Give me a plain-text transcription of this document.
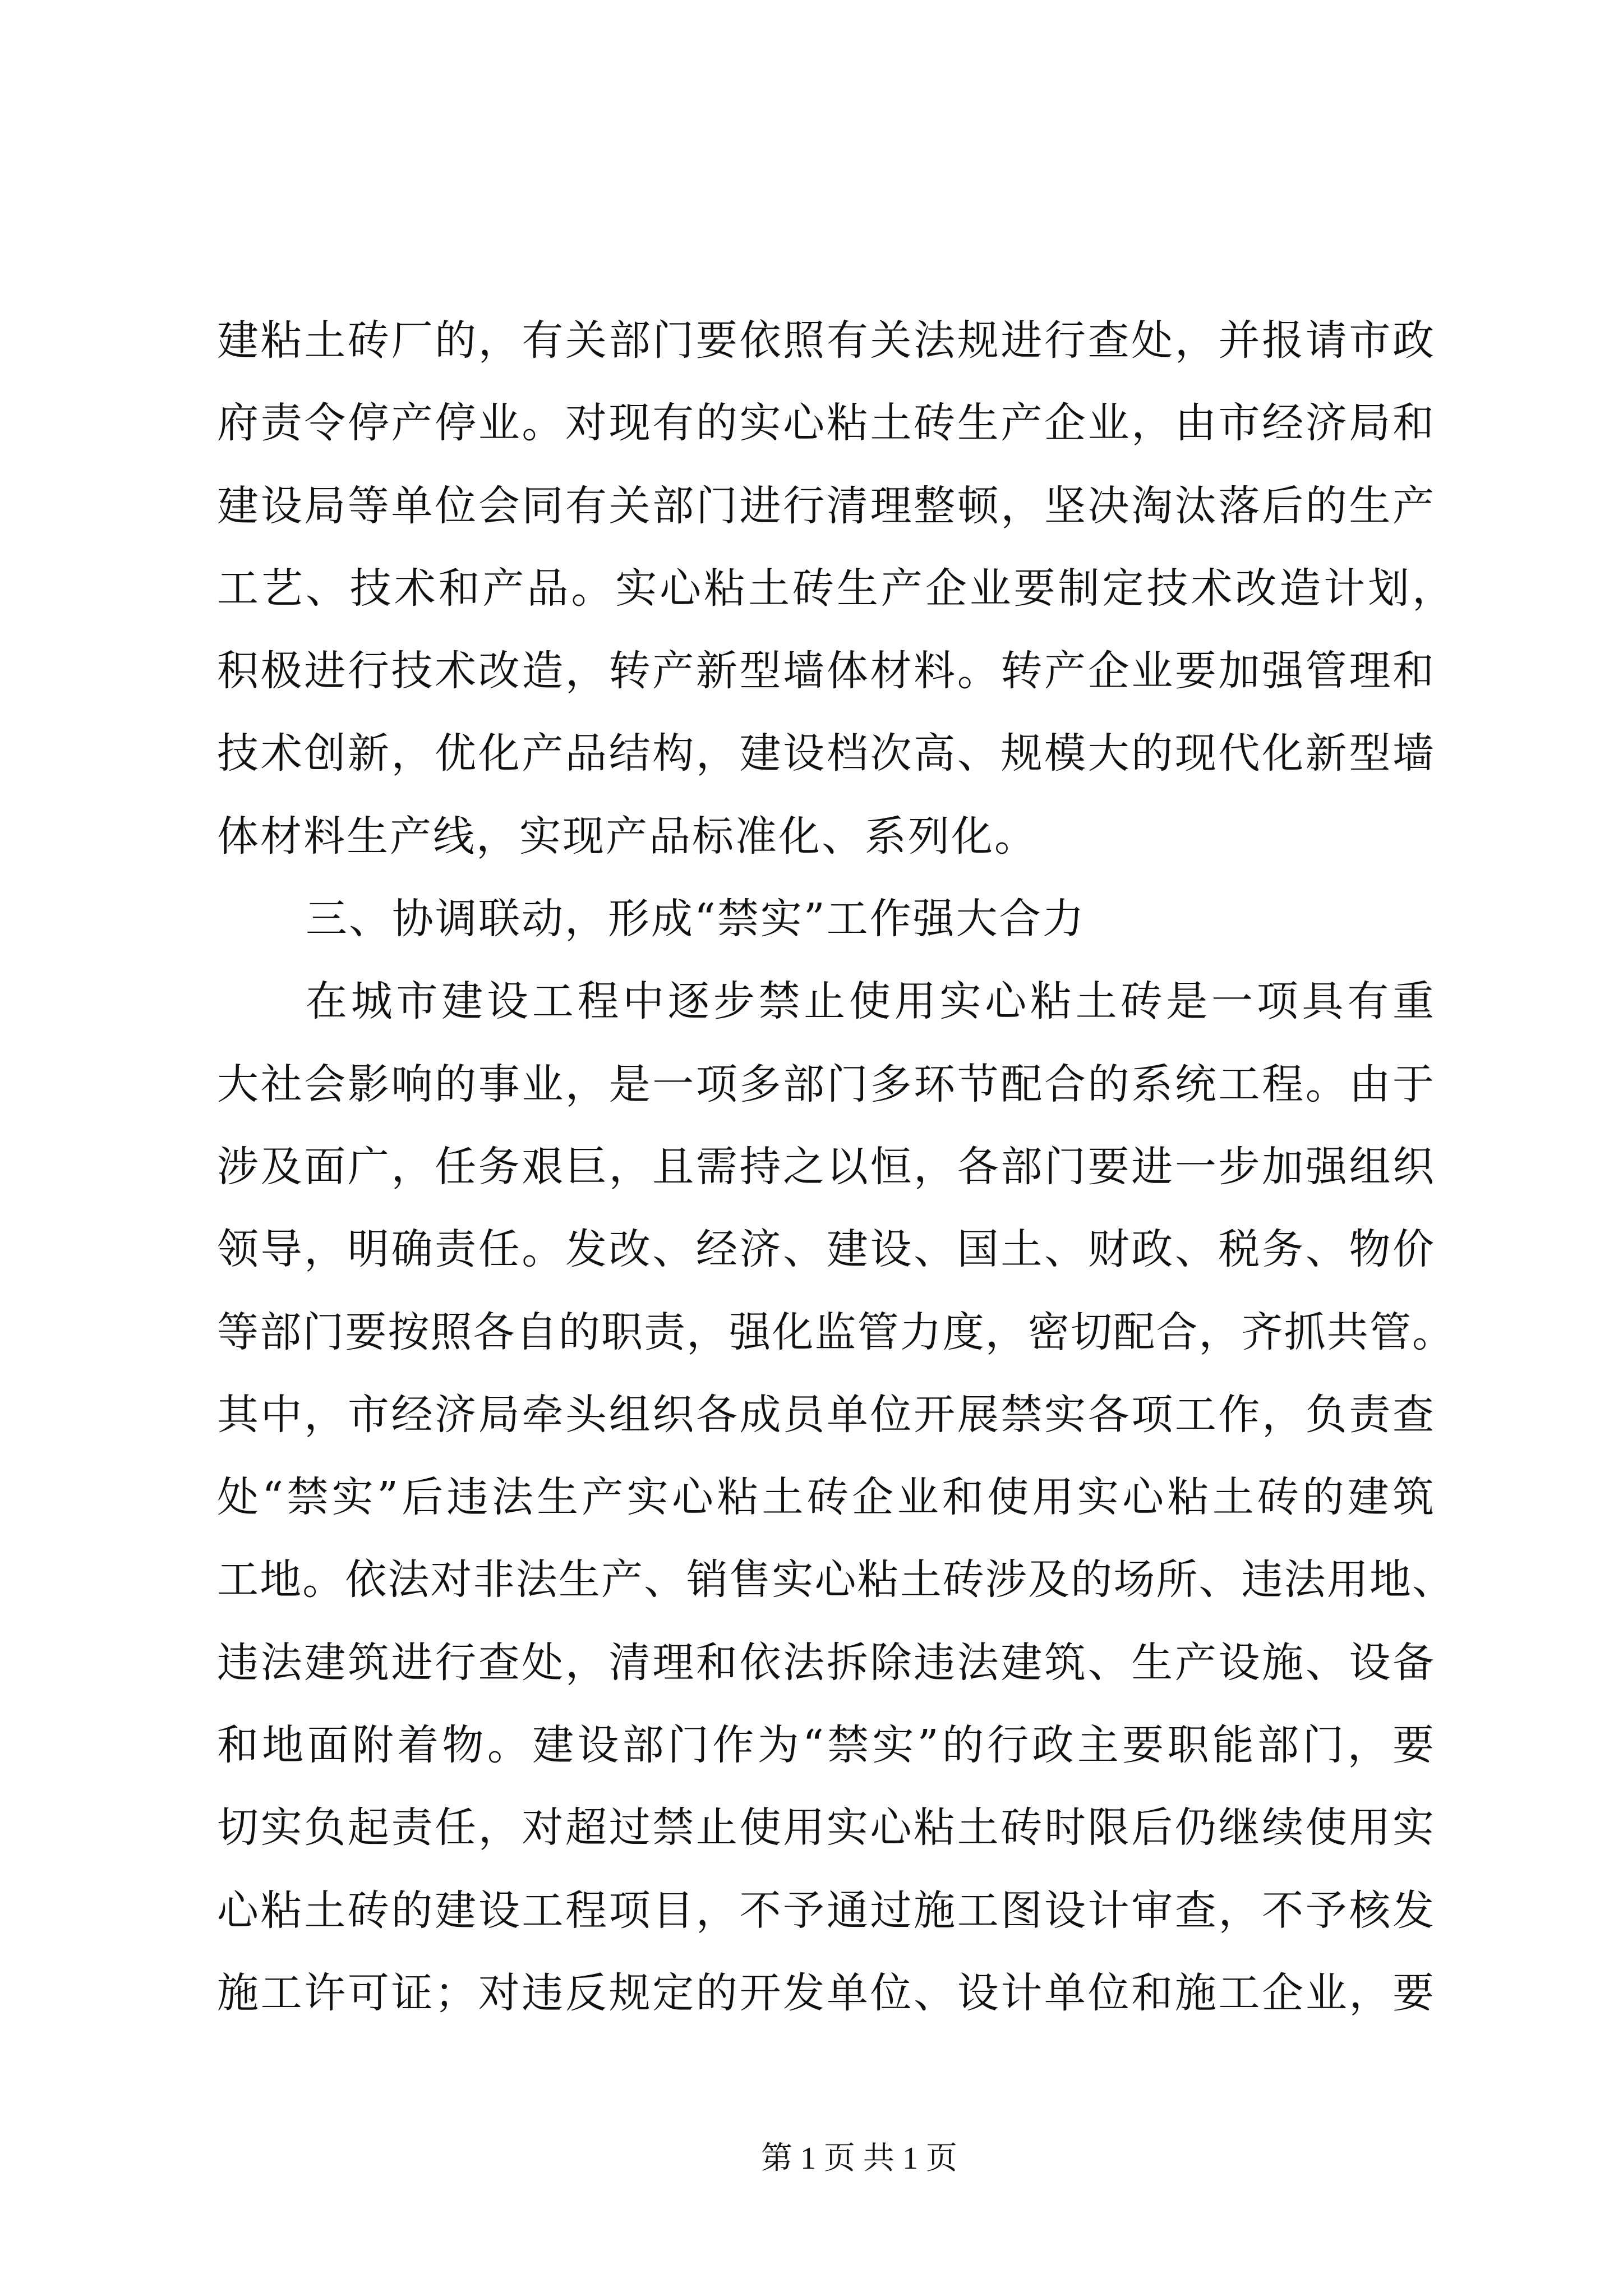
建粘土砖厂的，有关部门要依照有关法规进行查处，并报请市政
府责令停产停业。对现有的实心粘土砖生产企业，由市经济局和
建设局等单位会同有关部门进行清理整顿，坚决淘汰落后的生产
工艺、技术和产品。实心粘土砖生产企业要制定技术改造计划，
积极进行技术改造，转产新型墙体材料。转产企业要加强管理和
技术创新，优化产品结构，建设档次高、规模大的现代化新型墙
体材料生产线，实现产品标准化、系列化。
三、协调联动，形成“禁实”工作强大合力
在城市建设工程中逐步禁止使用实心粘土砖是一项具有重
大社会影响的事业，是一项多部门多环节配合的系统工程。由于
涉及面广，任务艰巨，且需持之以恒，各部门要进一步加强组织
领导，明确责任。发改、经济、建设、国土、财政、税务、物价
等部门要按照各自的职责，强化监管力度，密切配合，齐抓共管。
其中，市经济局牵头组织各成员单位开展禁实各项工作，负责查
处“禁实”后违法生产实心粘土砖企业和使用实心粘土砖的建筑
工地。依法对非法生产、销售实心粘土砖涉及的场所、违法用地、
违法建筑进行查处，清理和依法拆除违法建筑、生产设施、设备
和地面附着物。建设部门作为“禁实”的行政主要职能部门，要
切实负起责任，对超过禁止使用实心粘土砖时限后仍继续使用实
心粘土砖的建设工程项目，不予通过施工图设计审查，不予核发
施工许可证；对违反规定的开发单位、设计单位和施工企业，要
第 1 页 共 1 页
